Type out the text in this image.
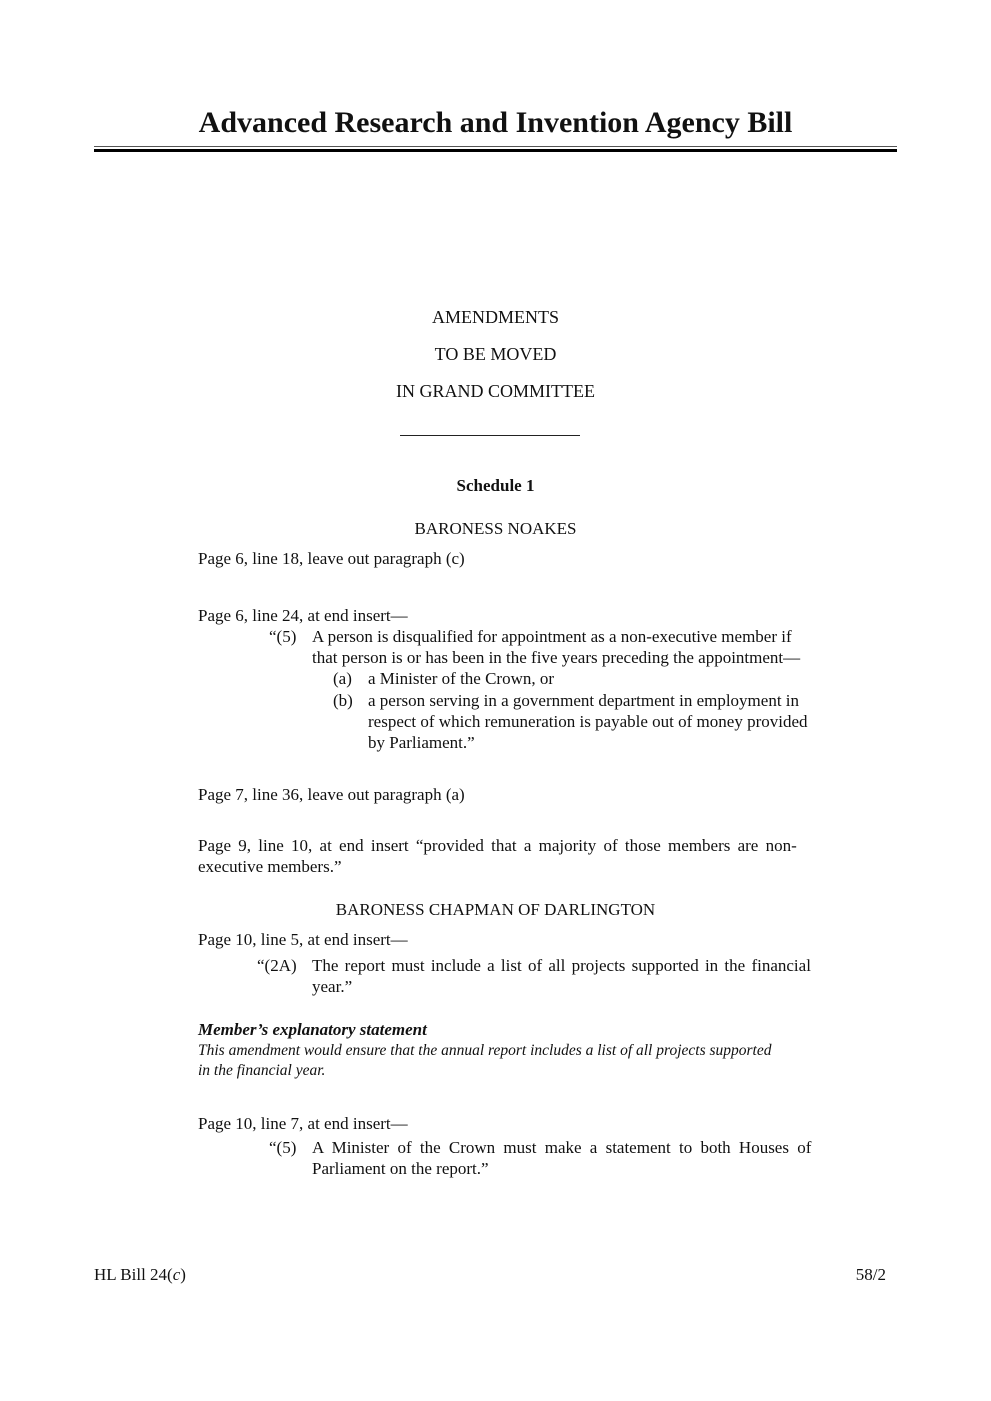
Advanced Research and Invention Agency Bill
AMENDMENTS
TO BE MOVED
IN GRAND COMMITTEE
Schedule 1
BARONESS NOAKES
Page 6, line 18, leave out paragraph (c)
Page 6, line 24, at end insert—
“(5) A person is disqualified for appointment as a non-executive member if
that person is or has been in the five years preceding the appointment—
(a) a Minister of the Crown, or
(b) a person serving in a government department in employment in
respect of which remuneration is payable out of money provided
by Parliament.”
Page 7, line 36, leave out paragraph (a)
Page 9, line 10, at end insert “provided that a majority of those members are non-
executive members.”
BARONESS CHAPMAN OF DARLINGTON
Page 10, line 5, at end insert—
“(2A) The report must include a list of all projects supported in the financial
year.”
Member’s explanatory statement
This amendment would ensure that the annual report includes a list of all projects supported
in the financial year.
Page 10, line 7, at end insert—
“(5) A Minister of the Crown must make a statement to both Houses of
Parliament on the report.”
HL Bill 24(c)	58/2
